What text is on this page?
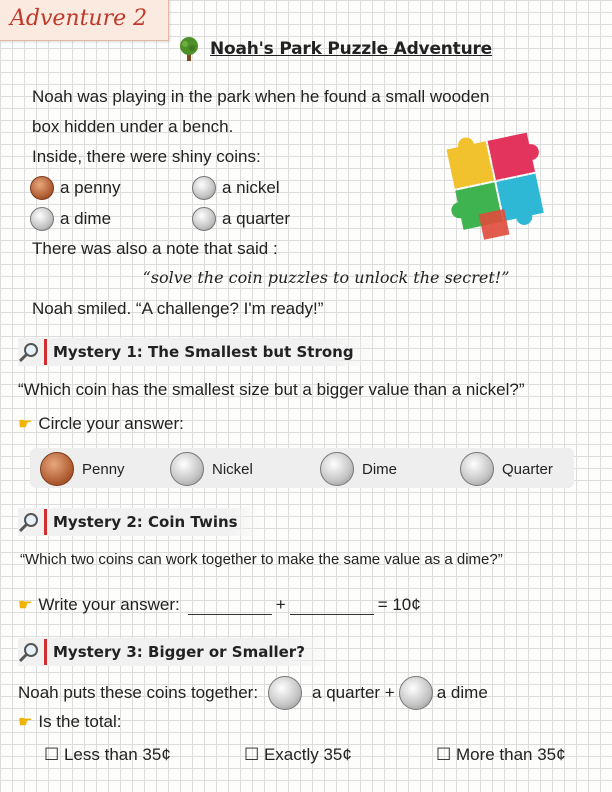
Adventure 2
Noah's Park Puzzle Adventure
Noah was playing in the park when he found a small wooden
box hidden under a bench.
Inside, there were shiny coins:
a penny	a nickel
a dime	a quarter
There was also a note that said :
“solve the coin puzzles to unlock the secret!”
Noah smiled. “A challenge? I'm ready!”
Mystery 1: The Smallest but Strong
“Which coin has the smallest size but a bigger value than a nickel?”
☛ Circle your answer:
Penny	Nickel	Dime	Quarter
Mystery 2: Coin Twins
“Which two coins can work together to make the same value as a dime?”
☛ Write your answer:	+	= 10¢
Mystery 3: Bigger or Smaller?
Noah puts these coins together:	a quarter + a dime
☛ Is the total:
☐ Less than 35¢	☐ Exactly 35¢	☐ More than 35¢
